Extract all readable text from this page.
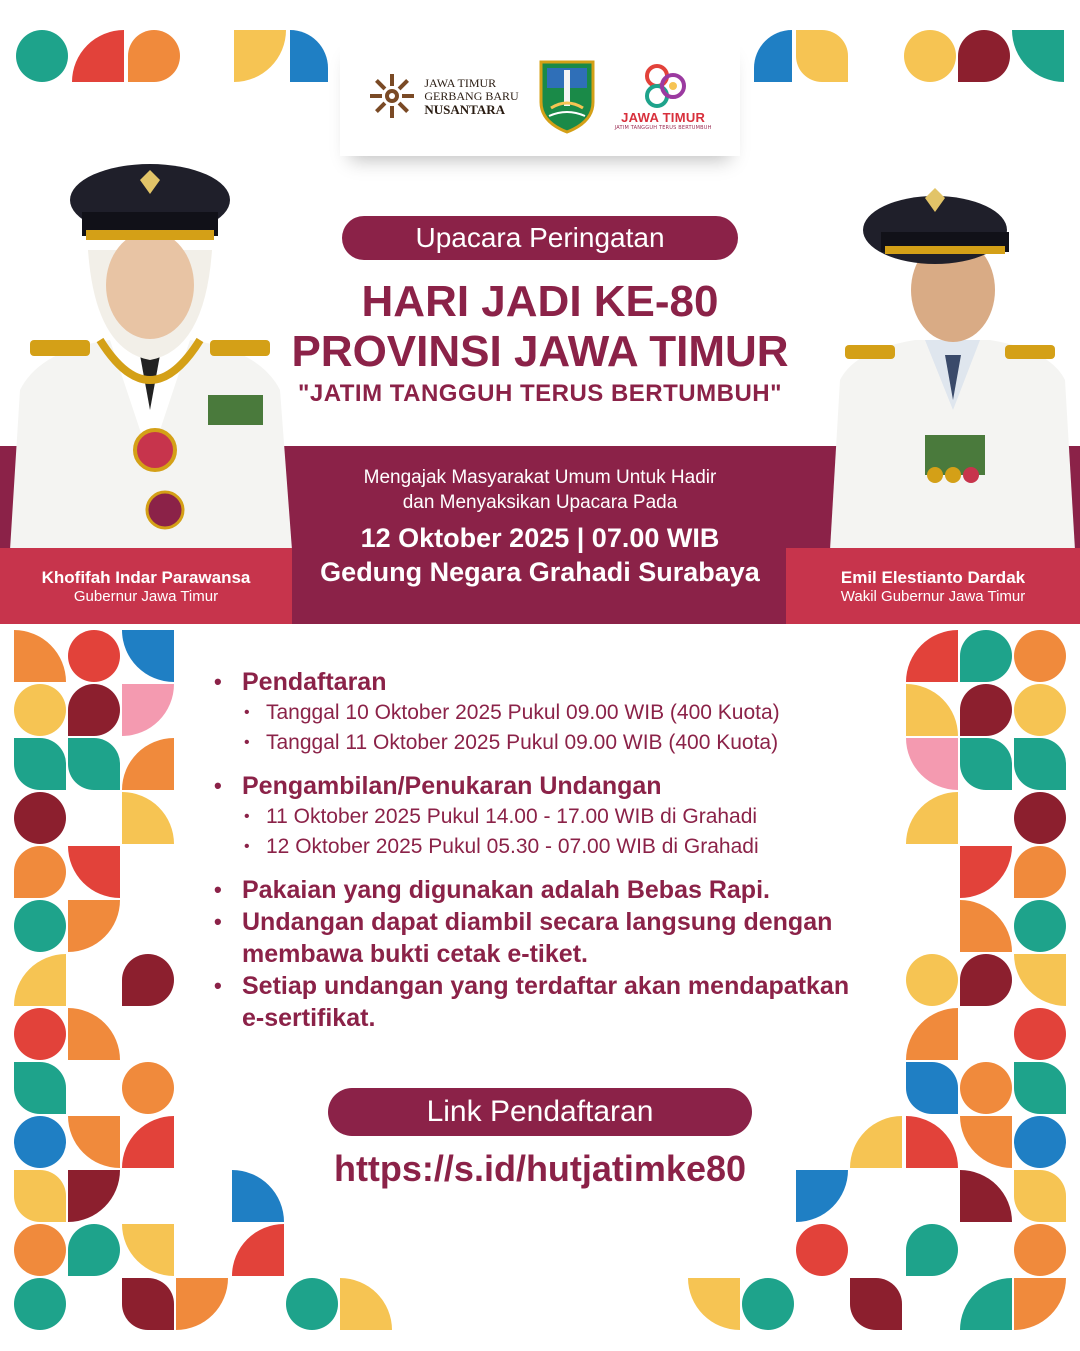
JAWA TIMUR
GERBANG BARU
NUSANTARA
JAWA TIMUR
JATIM TANGGUH TERUS BERTUMBUH
Upacara Peringatan
HARI JADI KE-80
PROVINSI JAWA TIMUR
"JATIM TANGGUH TERUS BERTUMBUH"
Mengajak Masyarakat Umum Untuk Hadir
dan Menyaksikan Upacara Pada
12 Oktober 2025 | 07.00 WIB
Gedung Negara Grahadi Surabaya
Khofifah Indar Parawansa
Gubernur Jawa Timur
Emil Elestianto Dardak
Wakil Gubernur Jawa Timur
• Pendaftaran
• Tanggal 10 Oktober 2025 Pukul 09.00 WIB (400 Kuota)
• Tanggal 11 Oktober 2025 Pukul 09.00 WIB (400 Kuota)
• Pengambilan/Penukaran Undangan
• 11 Oktober 2025 Pukul 14.00 - 17.00 WIB di Grahadi
• 12 Oktober 2025 Pukul 05.30 - 07.00 WIB di Grahadi
• Pakaian yang digunakan adalah Bebas Rapi.
• Undangan dapat diambil secara langsung dengan
membawa bukti cetak e-tiket.
• Setiap undangan yang terdaftar akan mendapatkan
e-sertifikat.
Link Pendaftaran
https://s.id/hutjatimke80
